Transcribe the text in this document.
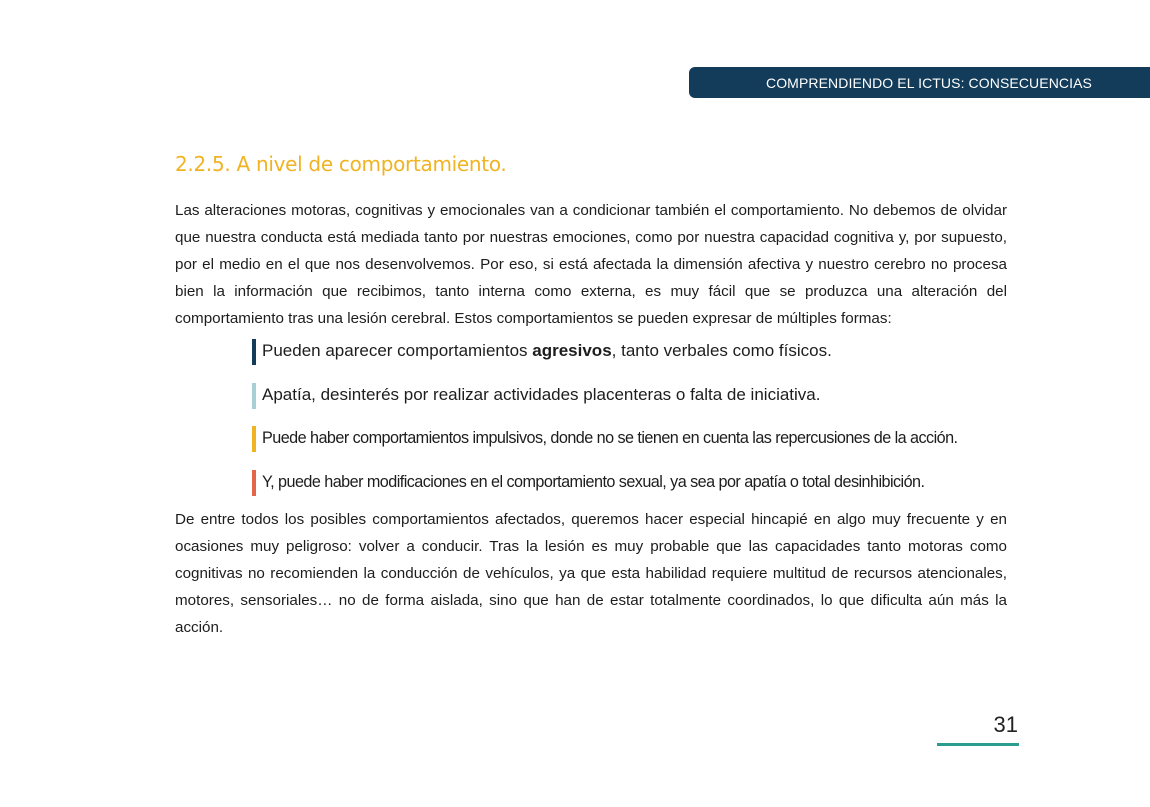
COMPRENDIENDO EL ICTUS: CONSECUENCIAS
2.2.5. A nivel de comportamiento.

Las alteraciones motoras, cognitivas y emocionales van a condicionar también el comportamiento. No debemos de olvidar que nuestra conducta está mediada tanto por nuestras emociones, como por nuestra capacidad cognitiva y, por supuesto, por el medio en el que nos desenvolvemos. Por eso, si está afectada la dimensión afectiva y nuestro cerebro no procesa bien la información que recibimos, tanto interna como externa, es muy fácil que se produzca una alteración del comportamiento tras una lesión cerebral. Estos comportamientos se pueden expresar de múltiples formas:

Pueden aparecer comportamientos agresivos, tanto verbales como físicos.
Apatía, desinterés por realizar actividades placenteras o falta de iniciativa.
Puede haber comportamientos impulsivos, donde no se tienen en cuenta las repercusiones de la acción.
Y, puede haber modificaciones en el comportamiento sexual, ya sea por apatía o total desinhibición.

De entre todos los posibles comportamientos afectados, queremos hacer especial hincapié en algo muy frecuente y en ocasiones muy peligroso: volver a conducir. Tras la lesión es muy probable que las capacidades tanto motoras como cognitivas no recomienden la conducción de vehículos, ya que esta habilidad requiere multitud de recursos atencionales, motores, sensoriales… no de forma aislada, sino que han de estar totalmente coordinados, lo que dificulta aún más la acción.

31
